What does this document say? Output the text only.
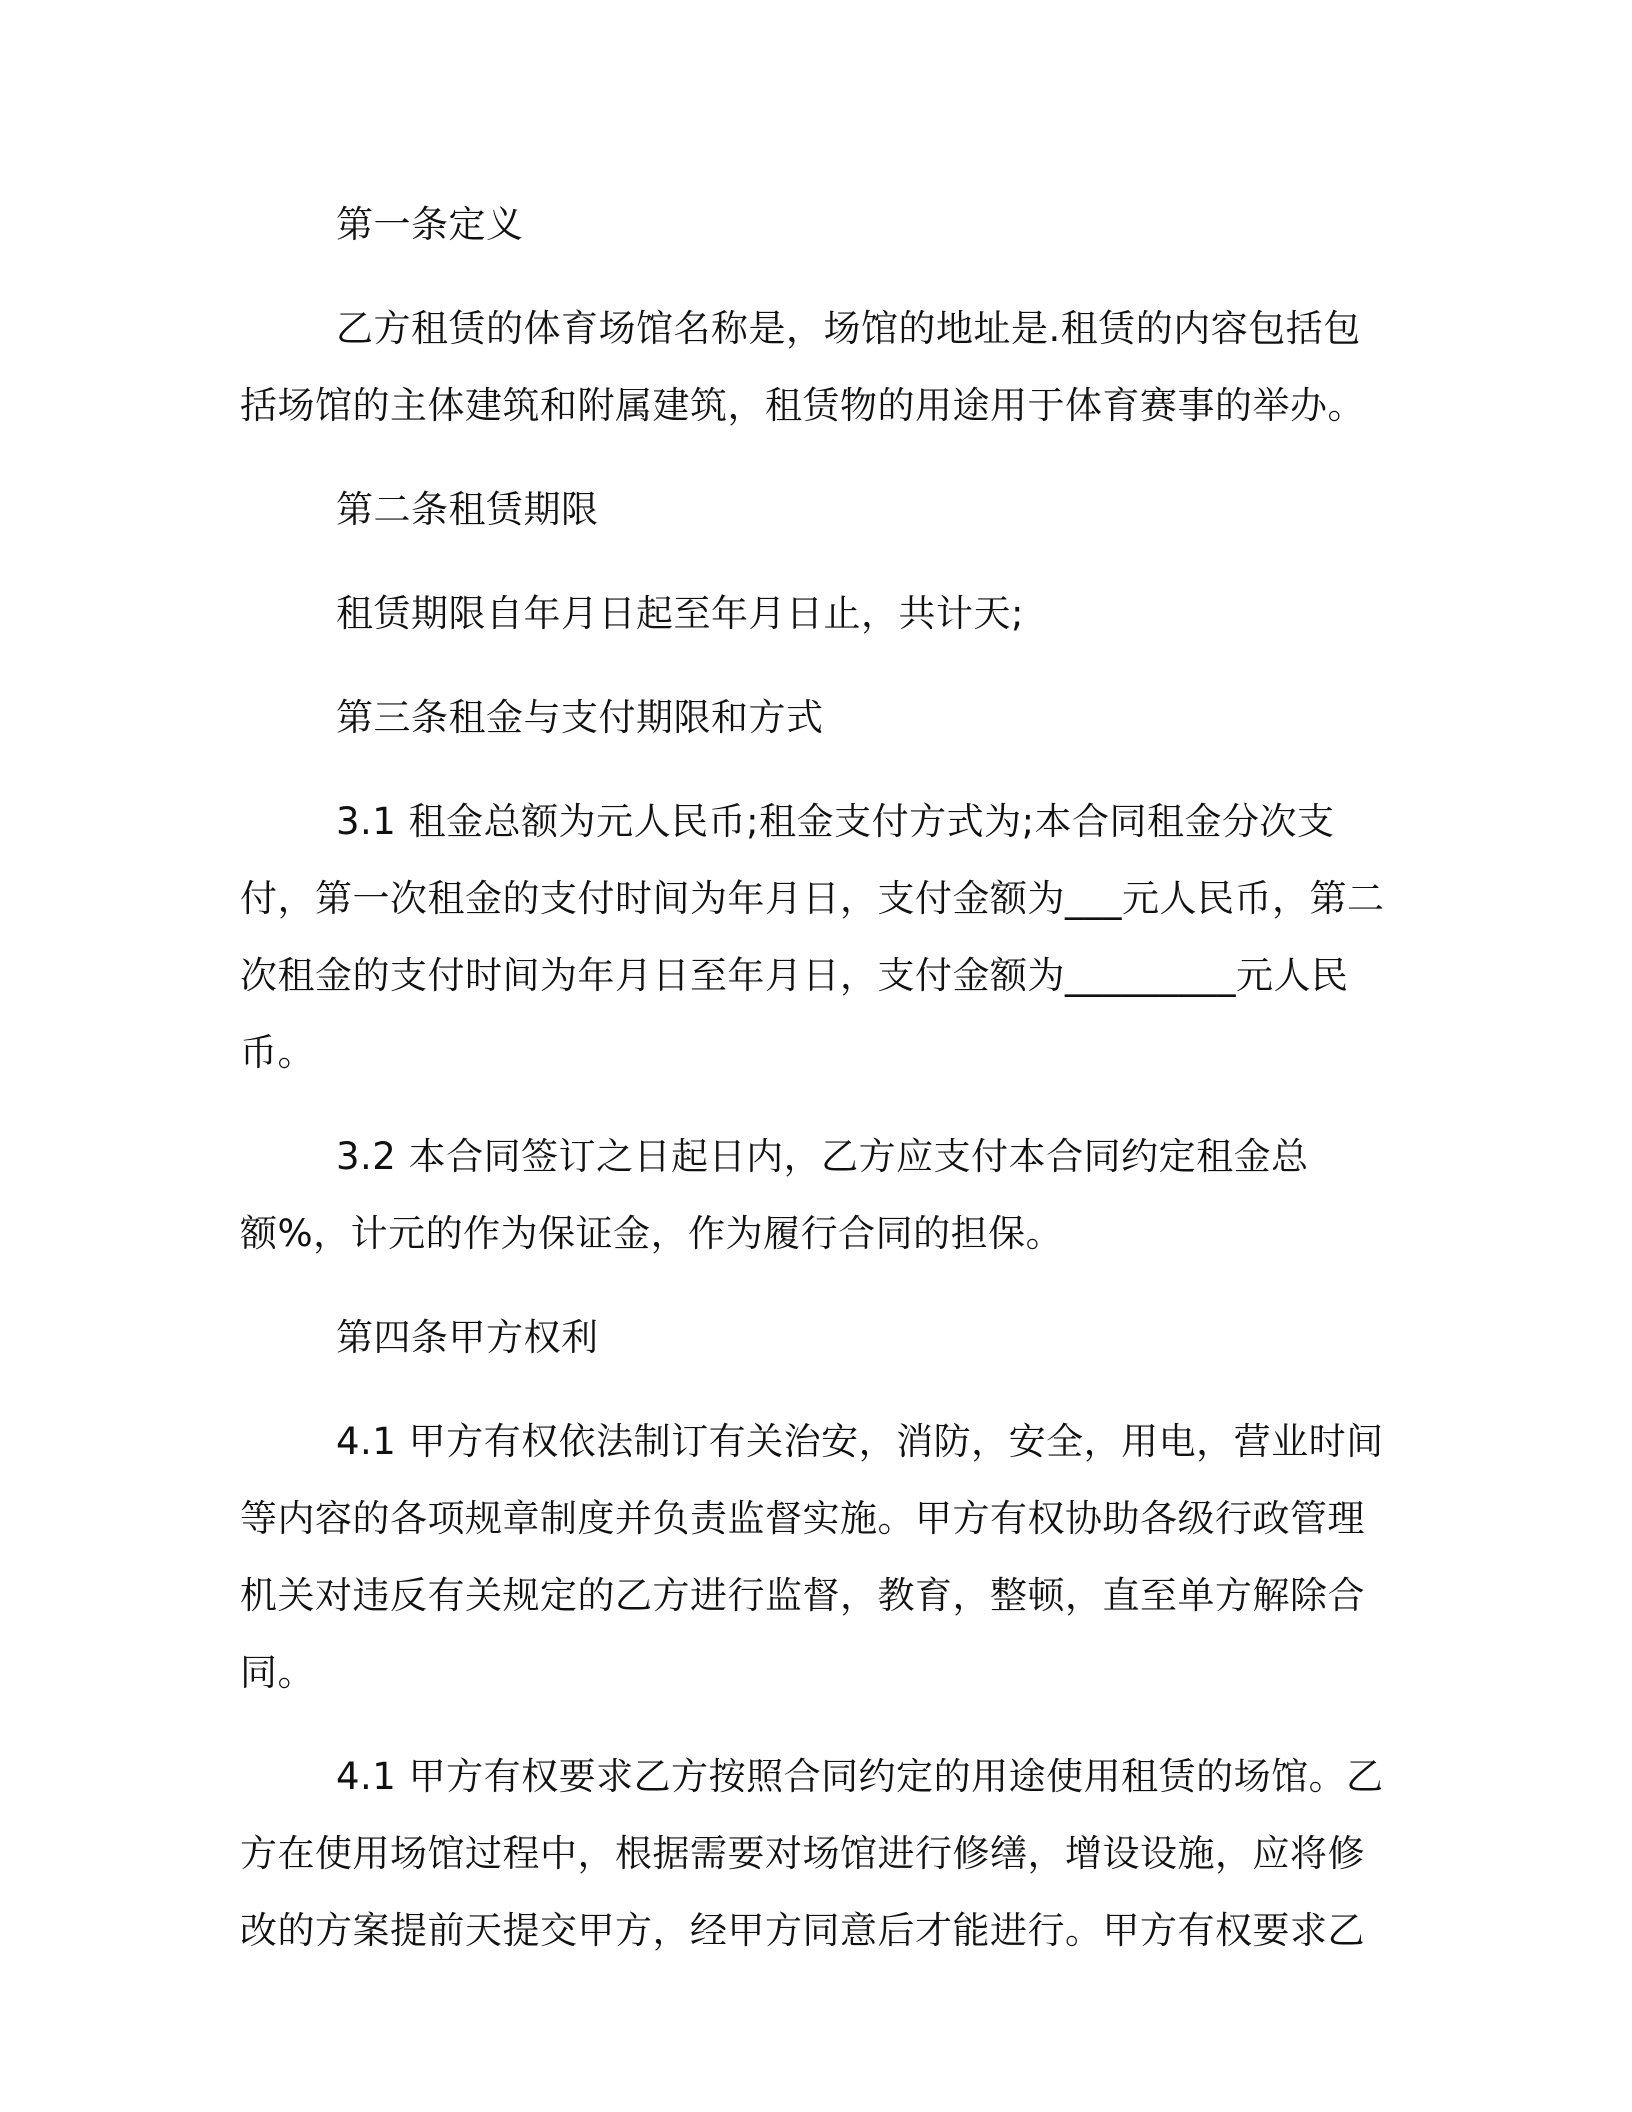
第一条定义

乙方租赁的体育场馆名称是，场馆的地址是.租赁的内容包括包括场馆的主体建筑和附属建筑，租赁物的用途用于体育赛事的举办。

第二条租赁期限

租赁期限自年月日起至年月日止，共计天;

第三条租金与支付期限和方式

3.1 租金总额为元人民币;租金支付方式为;本合同租金分次支付，第一次租金的支付时间为年月日，支付金额为___元人民币，第二次租金的支付时间为年月日至年月日，支付金额为_________元人民币。

3.2 本合同签订之日起日内，乙方应支付本合同约定租金总额%，计元的作为保证金，作为履行合同的担保。

第四条甲方权利

4.1 甲方有权依法制订有关治安，消防，安全，用电，营业时间等内容的各项规章制度并负责监督实施。甲方有权协助各级行政管理机关对违反有关规定的乙方进行监督，教育，整顿，直至单方解除合同。

4.1 甲方有权要求乙方按照合同约定的用途使用租赁的场馆。乙方在使用场馆过程中，根据需要对场馆进行修缮，增设设施，应将修改的方案提前天提交甲方，经甲方同意后才能进行。甲方有权要求乙
